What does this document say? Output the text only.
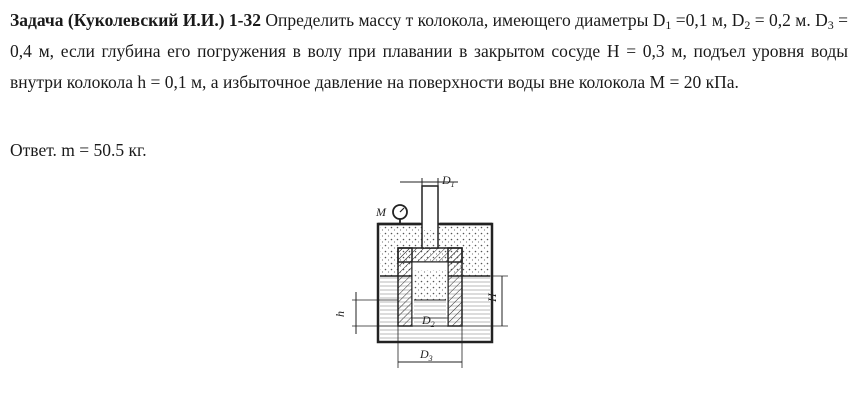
Задача (Куколевский И.И.) 1-32 Определить массу т колокола, имеющего диаметры $D_1 =0,1$ м, $D_2 = 0,2$ м. $D_3 = 0,4$ м, если глубина его погружения в волу при плавании в закрытом сосуде Н = 0,3 м, подъел уровня воды внутри колокола h = 0,1 м, а избыточное давление на поверхности воды вне колокола М = 20 кПа.

Ответ. m = 50.5 кг.

$D_1$
M
h
H
$D_2$
$D_3$
